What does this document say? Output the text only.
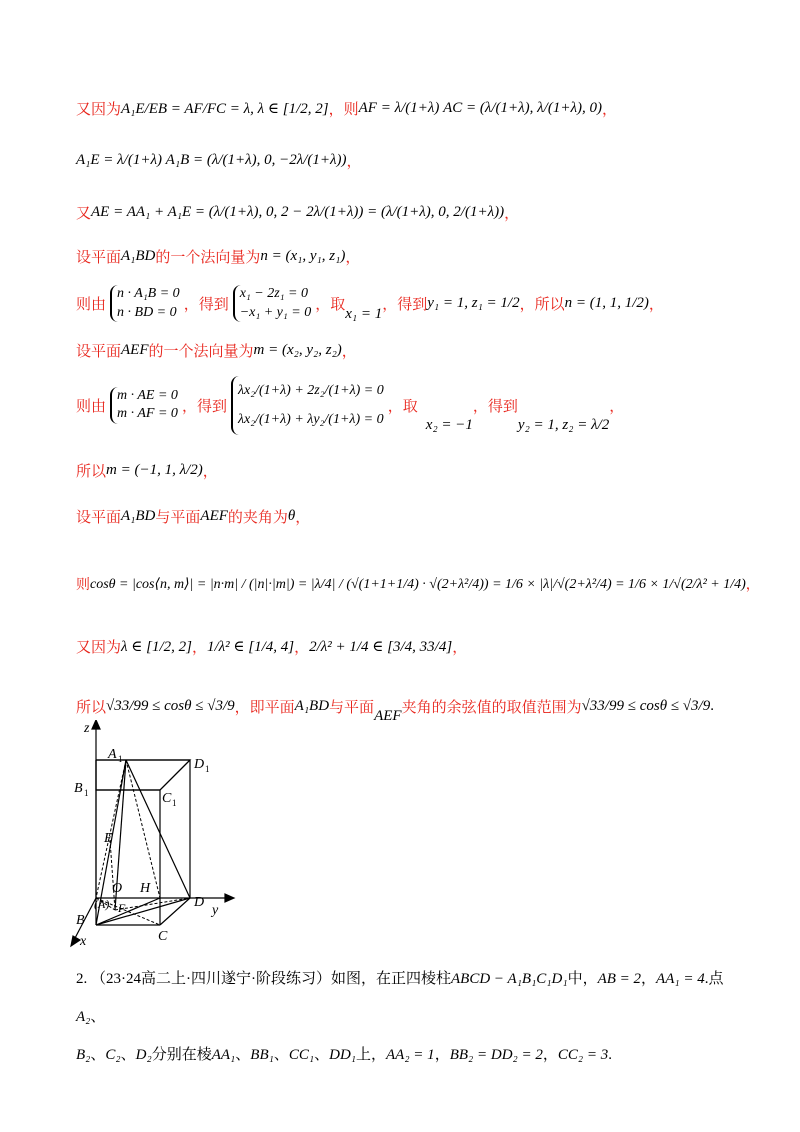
又因为 A₁E/EB = AF/FC = λ, λ ∈ [1/2, 2] ，则 AF = λ/(1+λ) AC = (λ/(1+λ), λ/(1+λ), 0) ，
A₁E = λ/(1+λ) A₁B = (λ/(1+λ), 0, −2λ/(1+λ)) ，
又 AE = AA₁ + A₁E = (λ/(1+λ), 0, 2 − 2λ/(1+λ)) = (λ/(1+λ), 0, 2/(1+λ)) ，
设平面 A₁BD 的一个法向量为 n = (x₁, y₁, z₁) ，
则由
n · A₁B = 0
n · BD = 0 ，得到
x₁ − 2z₁ = 0
−x₁ + y₁ = 0 ，取
x₁ = 1
，得到 y₁ = 1, z₁ = 1/2 ，所以 n = (1, 1, 1/2) ，
设平面 AEF 的一个法向量为 m = (x₂, y₂, z₂) ，
则由
m · AE = 0
m · AF = 0 ，得到
λx₂/(1+λ) + 2z₂/(1+λ) = 0
λx₂/(1+λ) + λy₂/(1+λ) = 0
，取
x₂ = −1
，得到
y₂ = 1, z₂ = λ/2
，
所以 m = (−1, 1, λ/2) ，
设平面 A₁BD 与平面 AEF 的夹角为 θ ，
则 cosθ = |cos⟨n, m⟩| = |n·m| / (|n|·|m|) = |λ/4| / (√(1+1+1/4) · √(2+λ²/4)) = 1/6 × |λ|/√(2+λ²/4) = 1/6 × 1/√(2/λ² + 1/4) ，
又因为 λ ∈ [1/2, 2] ， 1/λ² ∈ [1/4, 4] ， 2/λ² + 1/4 ∈ [3/4, 33/4] ，
所以 √33/99 ≤ cosθ ≤ √3/9 ，即平面 A₁BD 与平面 AEF 夹角的余弦值的取值范围为 √33/99 ≤ cosθ ≤ √3/9 .
z
y
x
A 1	D 1
B 1	C 1
E
O H
(A) F
B
D
C
2. （23·24高二上·四川遂宁·阶段练习）如图，在正四棱柱ABCD − A₁B₁C₁D₁中，AB = 2，AA₁ = 4.点A₂、
B₂、C₂、D₂分别在棱AA₁、BB₁、CC₁、DD₁上，AA₂ = 1，BB₂ = DD₂ = 2，CC₂ = 3.
